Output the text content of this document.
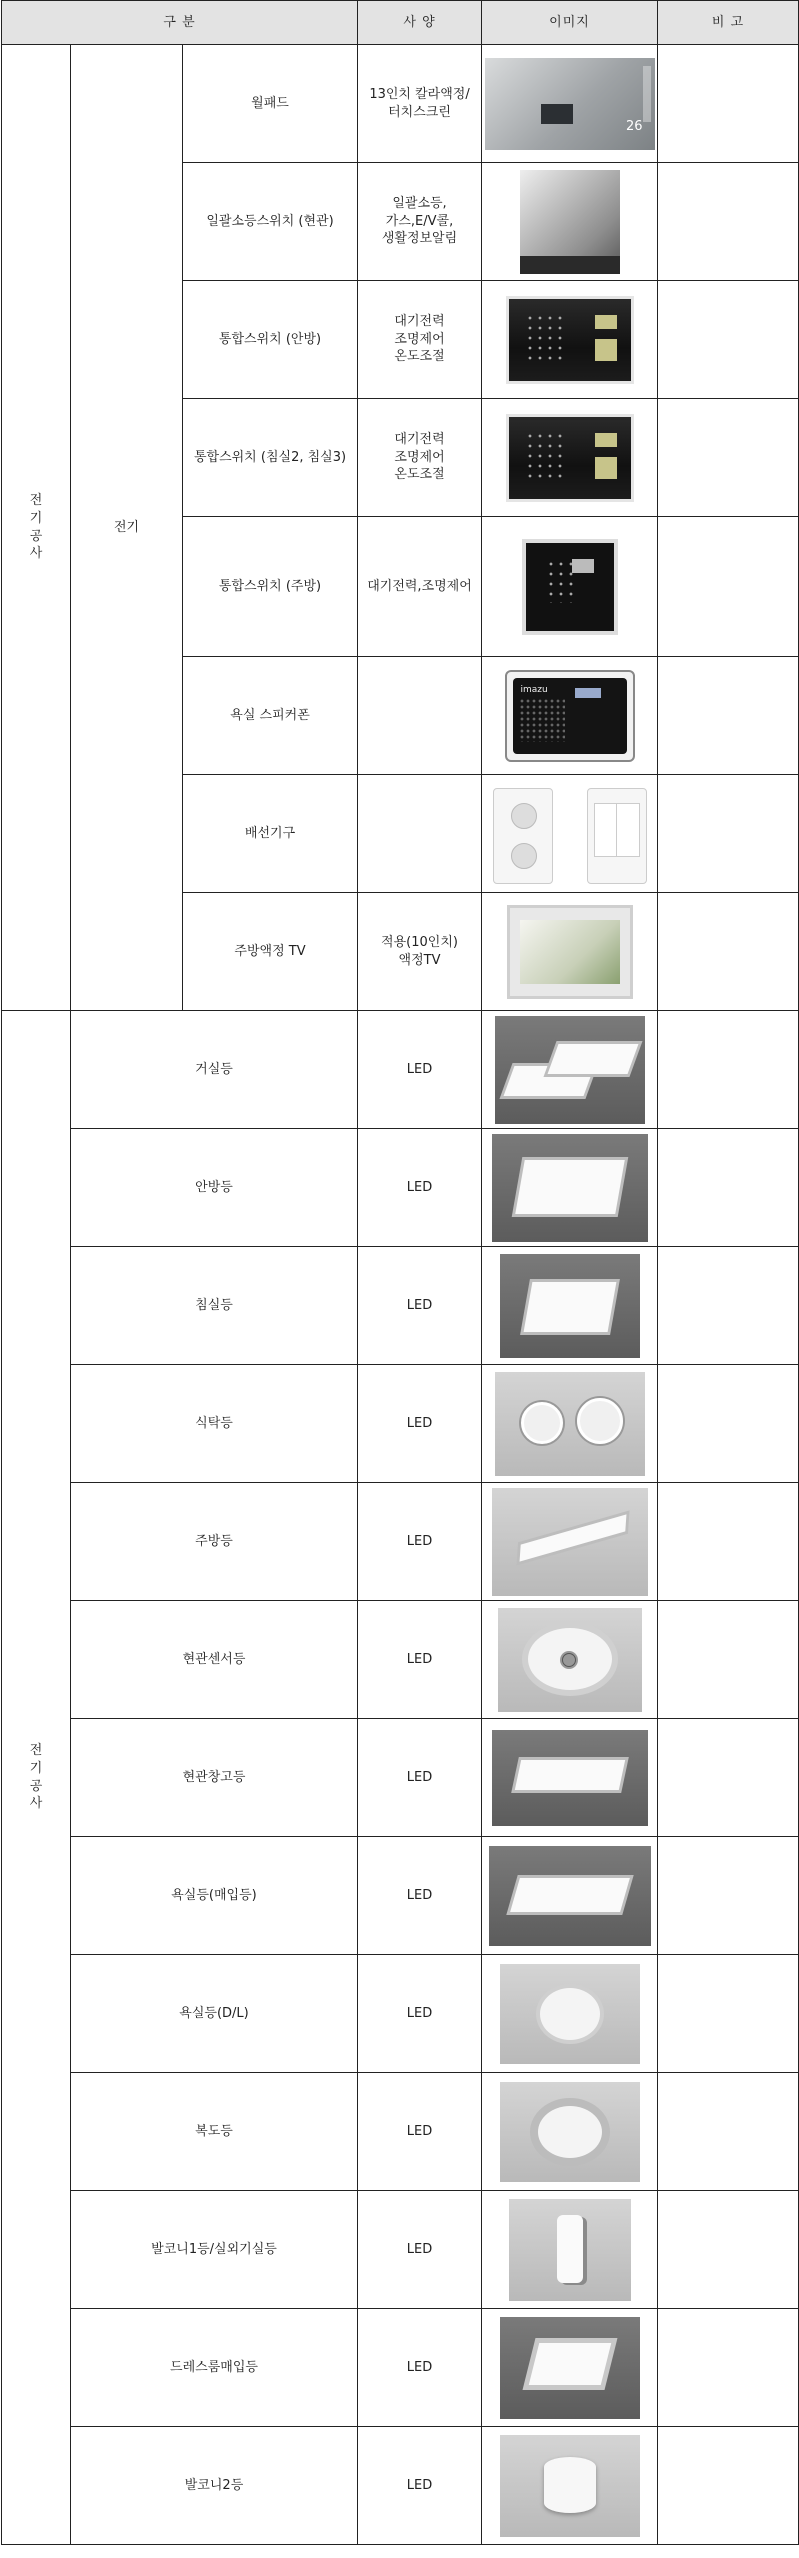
구 분			사 양	이미지	비 고

전기공사	전기	월패드	13인치 칼라액정/
터치스크린	26	

		일괄소등스위치 (현관)	일괄소등,
가스,E/V콜,
생활정보알림	

		통합스위치 (안방)	대기전력
조명제어
온도조절	

		통합스위치 (침실2, 침실3)	대기전력
조명제어
온도조절	

		통합스위치 (주방)	대기전력,조명제어	

		욕실 스피커폰		imazu	

		배선기구		

		주방액정 TV	적용(10인치)
액정TV	

전기공사	거실등		LED	

	안방등		LED	

	침실등		LED	

	식탁등		LED	

	주방등		LED	

	현관센서등		LED	

	현관창고등		LED	

	욕실등(매입등)		LED	

	욕실등(D/L)		LED	

	복도등		LED	

	발코니1등/실외기실등		LED	

	드레스룸매입등		LED	

	발코니2등		LED	
